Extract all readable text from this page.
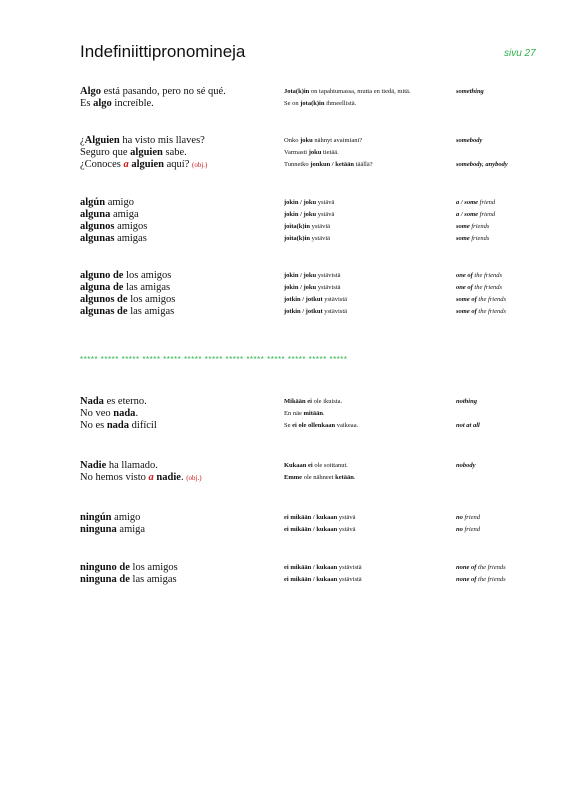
Indefiniittipronomineja	sivu 27
Algo está pasando, pero no sé qué.	Jota(k)in on tapahtumassa, mutta en tiedä, mitä.	something
Es algo increíble.	Se on jota(k)in ihmeellistä.
¿Alguien ha visto mis llaves?	Onko joku nähnyt avaimiani?	somebody
Seguro que alguien sabe.	Varmasti joku tietää.
¿Conoces a alguien aquí? (obj.)	Tunnetko jonkun / ketään täällä?	somebody, anybody
algún amigo	jokin / joku ystävä	a / some friend
alguna amiga	jokin / joku ystävä	a / some friend
algunos amigos	joita(k)in ystäviä	some friends
algunas amigas	joita(k)in ystäviä	some friends
alguno de los amigos	jokin / joku ystävistä	one of the friends
alguna de las amigas	jokin / joku ystävistä	one of the friends
algunos de los amigos	jotkin / jotkut ystävistä	some of the friends
algunas de las amigas	jotkin / jotkut ystävistä	some of the friends
***** ***** ***** ***** ***** ***** ***** ***** ***** ***** ***** ***** *****
Nada es eterno.	Mikään ei ole ikuista.	nothing
No veo nada.	En näe mitään.
No es nada difícil	Se ei ole ollenkaan vaikeaa.	not at all
Nadie ha llamado.	Kukaan ei ole soittanut.	nobody
No hemos visto a nadie. (obj.)	Emme ole nähneet ketään.
ningún amigo	ei mikään / kukaan ystävä	no friend
ninguna amiga	ei mikään / kukaan ystävä	no friend
ninguno de los amigos	ei mikään / kukaan ystävistä	none of the friends
ninguna de las amigas	ei mikään / kukaan ystävistä	none of the friends
